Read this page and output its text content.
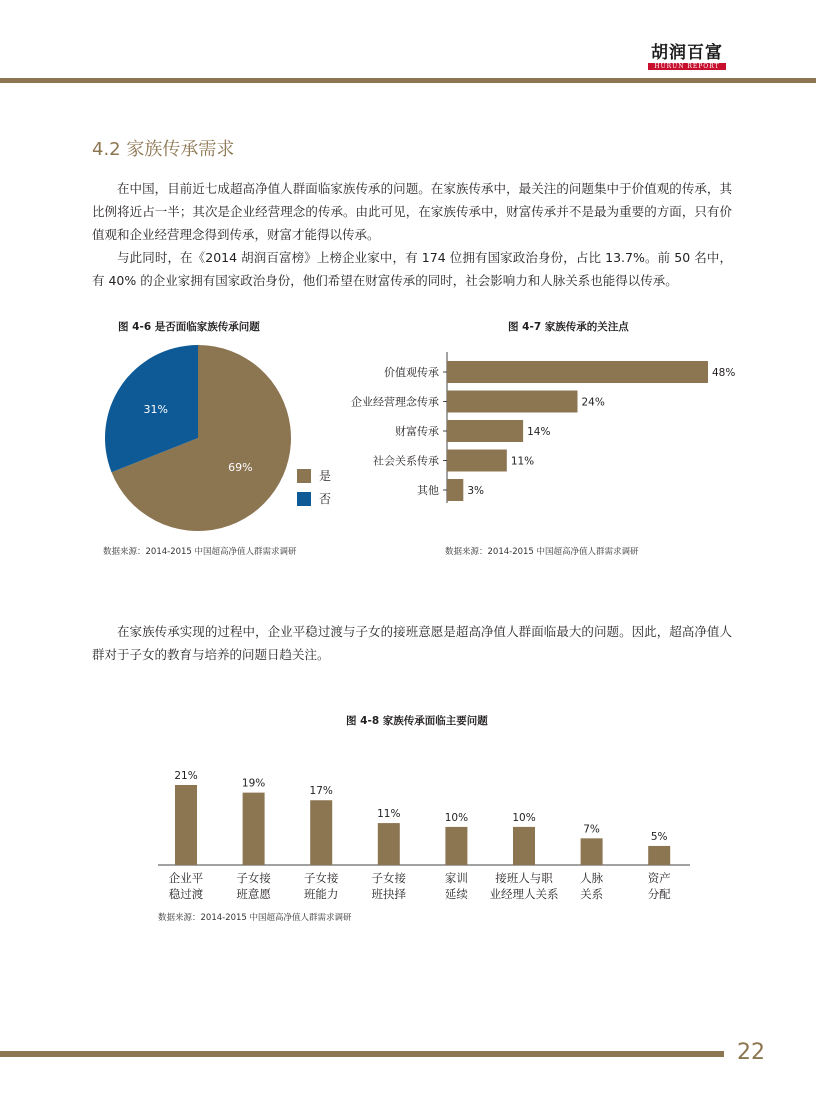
胡润百富
HURUN REPORT
4.2 家族传承需求

在中国，目前近七成超高净值人群面临家族传承的问题。在家族传承中，最关注的问题集中于价值观的传承，其比例将近占一半；其次是企业经营理念的传承。由此可见，在家族传承中，财富传承并不是最为重要的方面，只有价值观和企业经营理念得到传承，财富才能得以传承。

与此同时，在《2014 胡润百富榜》上榜企业家中，有 174 位拥有国家政治身份，占比 13.7%。前 50 名中，有 40% 的企业家拥有国家政治身份，他们希望在财富传承的同时，社会影响力和人脉关系也能得以传承。

图 4-6 是否面临家族传承问题
69%
31%
是
否
数据来源：2014-2015 中国超高净值人群需求调研
图 4-7 家族传承的关注点
价值观传承	48%
企业经营理念传承	24%
财富传承	14%
社会关系传承	11%
其他	3%
数据来源：2014-2015 中国超高净值人群需求调研

在家族传承实现的过程中，企业平稳过渡与子女的接班意愿是超高净值人群面临最大的问题。因此，超高净值人群对于子女的教育与培养的问题日趋关注。

图 4-8 家族传承面临主要问题
21%
企业平
稳过渡
19%
子女接
班意愿
17%
子女接
班能力
11%
子女接
班抉择
10%
家训
延续
10%
接班人与职
业经理人关系
7%
人脉
关系
5%
资产
分配
数据来源：2014-2015 中国超高净值人群需求调研
22
